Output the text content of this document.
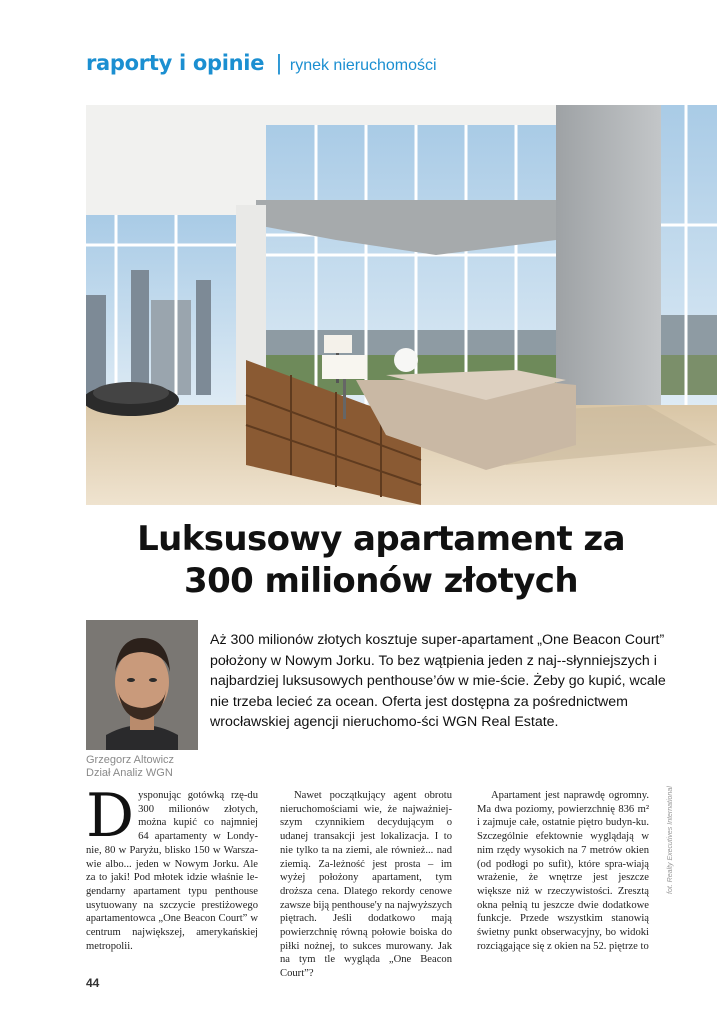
raporty i opinie | rynek nieruchomości
Luksusowy apartament za
300 milionów złotych
Grzegorz Altowicz
Dział Analiz WGN
Aż 300 milionów złotych kosztuje super-apartament „One Beacon Court” położony w Nowym Jorku. To bez wątpienia jeden z naj--słynniejszych i najbardziej luksusowych penthouse’ów w mie-ście. Żeby go kupić, wcale nie trzeba lecieć za ocean. Oferta jest dostępna za pośrednictwem wrocławskiej agencji nieruchomo-ści WGN Real Estate.
Dysponując gotówką rzę-du 300 milionów złotych, można kupić co najmniej 64 apartamenty w Londy-nie, 80 w Paryżu, blisko 150 w Warsza-wie albo... jeden w Nowym Jorku. Ale za to jaki! Pod młotek idzie właśnie le-gendarny apartament typu penthouse usytuowany na szczycie prestiżowego apartamentowca „One Beacon Court” w centrum największej, amerykańskiej metropolii.
Nawet początkujący agent obrotu nieruchomościami wie, że najważniej-szym czynnikiem decydującym o udanej transakcji jest lokalizacja. I to nie tylko ta na ziemi, ale również... nad ziemią. Za-leżność jest prosta – im wyżej położony apartament, tym droższa cena. Dlatego rekordy cenowe zawsze biją penthouse'y na najwyższych piętrach. Jeśli dodatkowo mają powierzchnię równą połowie boiska do piłki nożnej, to sukces murowany. Jak na tym tle wygląda „One Beacon Court”?
Apartament jest naprawdę ogromny. Ma dwa poziomy, powierzchnię 836 m² i zajmuje całe, ostatnie piętro budyn-ku. Szczególnie efektownie wyglądają w nim rzędy wysokich na 7 metrów okien (od podłogi po sufit), które spra-wiają wrażenie, że wnętrze jest jeszcze większe niż w rzeczywistości. Zresztą okna pełnią tu jeszcze dwie dodatkowe funkcje. Przede wszystkim stanowią świetny punkt obserwacyjny, bo widoki rozciągające się z okien na 52. piętrze to
fot. Realty Executives International
44
